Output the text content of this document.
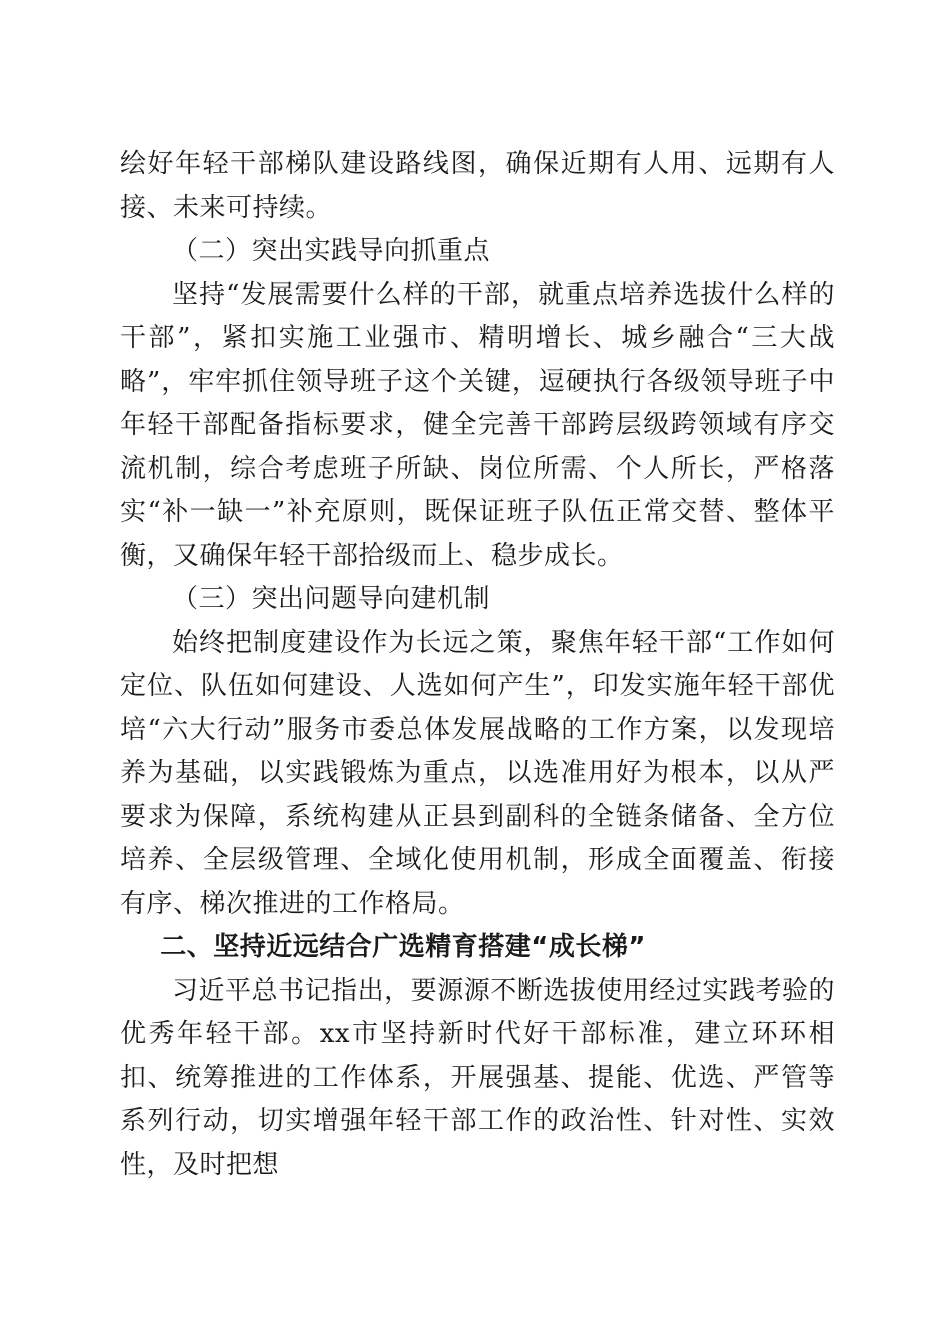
绘好年轻干部梯队建设路线图，确保近期有人用、远期有人接、未来可持续。

（二）突出实践导向抓重点

坚持“发展需要什么样的干部，就重点培养选拔什么样的干部”，紧扣实施工业强市、精明增长、城乡融合“三大战略”，牢牢抓住领导班子这个关键，逗硬执行各级领导班子中年轻干部配备指标要求，健全完善干部跨层级跨领域有序交流机制，综合考虑班子所缺、岗位所需、个人所长，严格落实“补一缺一”补充原则，既保证班子队伍正常交替、整体平衡，又确保年轻干部拾级而上、稳步成长。

（三）突出问题导向建机制

始终把制度建设作为长远之策，聚焦年轻干部“工作如何定位、队伍如何建设、人选如何产生”，印发实施年轻干部优培“六大行动”服务市委总体发展战略的工作方案，以发现培养为基础，以实践锻炼为重点，以选准用好为根本，以从严要求为保障，系统构建从正县到副科的全链条储备、全方位培养、全层级管理、全域化使用机制，形成全面覆盖、衔接有序、梯次推进的工作格局。

二、坚持近远结合广选精育搭建“成长梯”

习近平总书记指出，要源源不断选拔使用经过实践考验的优秀年轻干部。xx市坚持新时代好干部标准，建立环环相扣、统筹推进的工作体系，开展强基、提能、优选、严管等系列行动，切实增强年轻干部工作的政治性、针对性、实效性，及时把想
